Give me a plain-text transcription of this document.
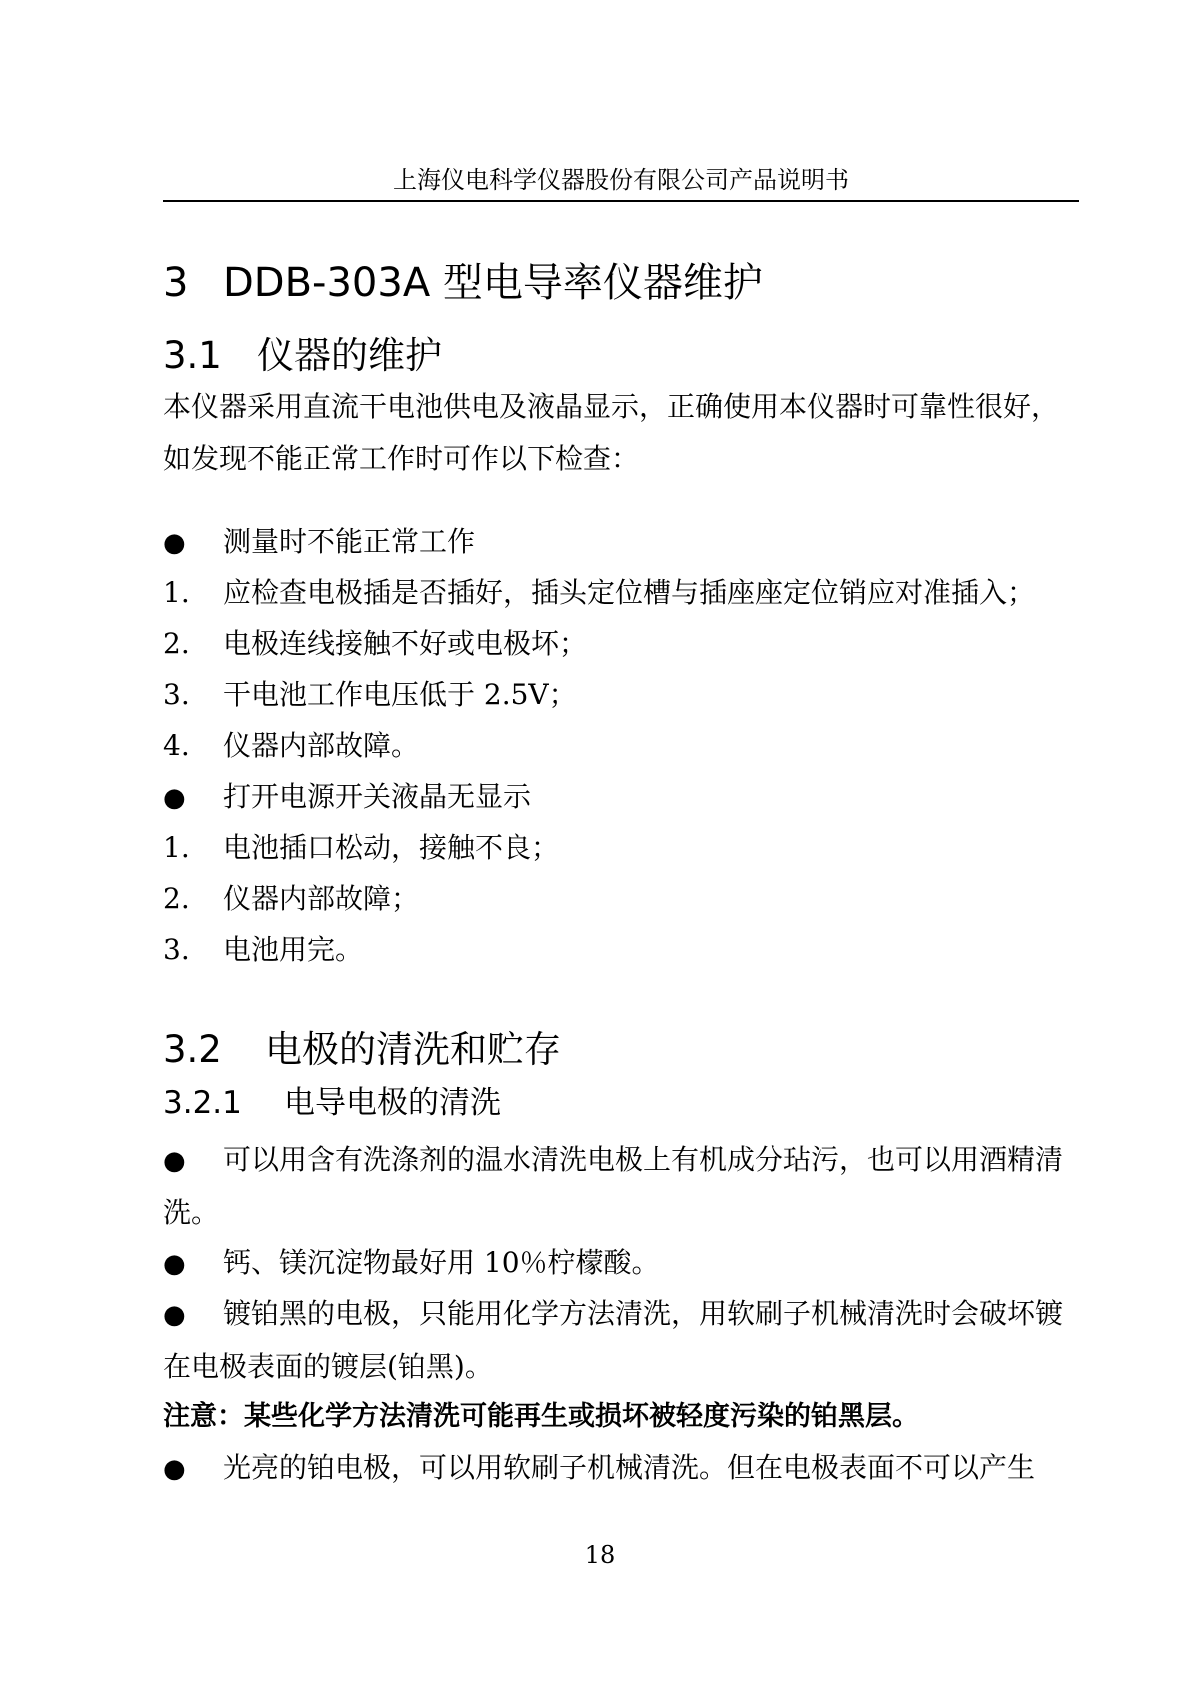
上海仪电科学仪器股份有限公司产品说明书
3 DDB-303A 型电导率仪器维护
3.1 仪器的维护
本仪器采用直流干电池供电及液晶显示，正确使用本仪器时可靠性很好，如发现不能正常工作时可作以下检查：
● 测量时不能正常工作
1. 应检查电极插是否插好，插头定位槽与插座座定位销应对准插入；
2. 电极连线接触不好或电极坏；
3. 干电池工作电压低于 2.5V；
4. 仪器内部故障。
● 打开电源开关液晶无显示
1. 电池插口松动，接触不良；
2. 仪器内部故障；
3. 电池用完。
3.2 电极的清洗和贮存
3.2.1 电导电极的清洗
● 可以用含有洗涤剂的温水清洗电极上有机成分玷污，也可以用酒精清洗。
● 钙、镁沉淀物最好用 10％柠檬酸。
● 镀铂黑的电极，只能用化学方法清洗，用软刷子机械清洗时会破坏镀在电极表面的镀层(铂黑)。
注意：某些化学方法清洗可能再生或损坏被轻度污染的铂黑层。
● 光亮的铂电极，可以用软刷子机械清洗。但在电极表面不可以产生
18
